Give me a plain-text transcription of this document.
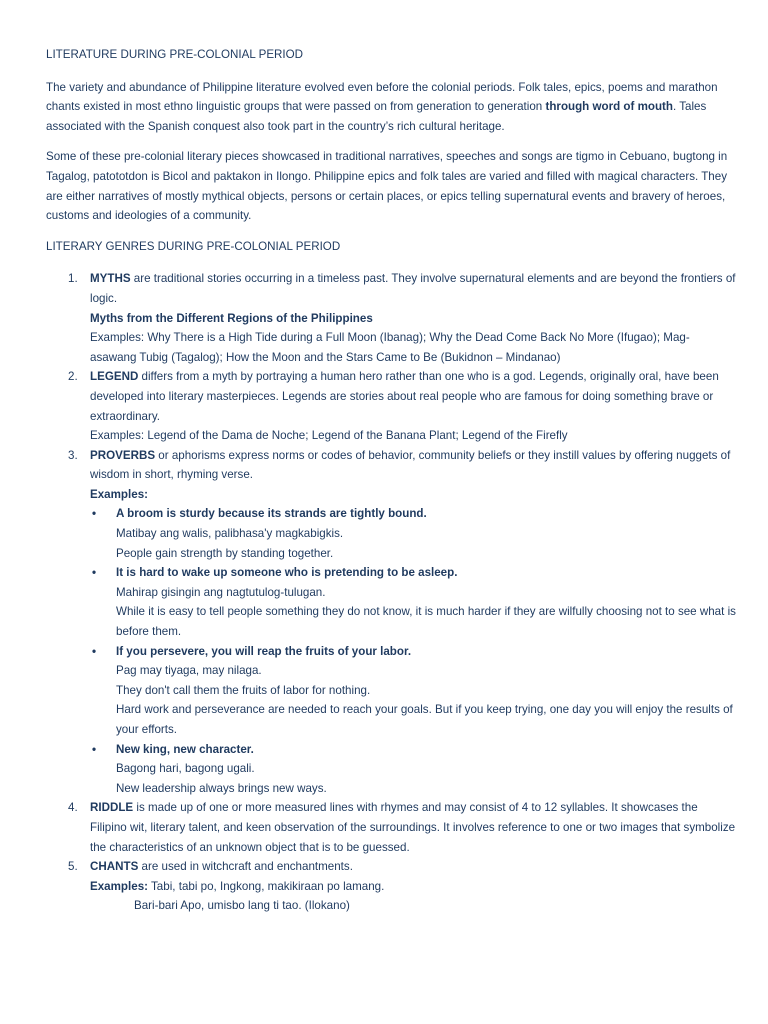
LITERATURE DURING PRE-COLONIAL PERIOD

The variety and abundance of Philippine literature evolved even before the colonial periods. Folk tales, epics, poems and marathon chants existed in most ethno linguistic groups that were passed on from generation to generation through word of mouth. Tales associated with the Spanish conquest also took part in the country’s rich cultural heritage.

Some of these pre-colonial literary pieces showcased in traditional narratives, speeches and songs are tigmo in Cebuano, bugtong in Tagalog, patototdon is Bicol and paktakon in Ilongo. Philippine epics and folk tales are varied and filled with magical characters. They are either narratives of mostly mythical objects, persons or certain places, or epics telling supernatural events and bravery of heroes, customs and ideologies of a community.

LITERARY GENRES DURING PRE-COLONIAL PERIOD
1. MYTHS are traditional stories occurring in a timeless past. They involve supernatural elements and are beyond the frontiers of logic.
Myths from the Different Regions of the Philippines
Examples: Why There is a High Tide during a Full Moon (Ibanag); Why the Dead Come Back No More (Ifugao); Mag-asawang Tubig (Tagalog); How the Moon and the Stars Came to Be (Bukidnon – Mindanao)
2. LEGEND differs from a myth by portraying a human hero rather than one who is a god. Legends, originally oral, have been developed into literary masterpieces. Legends are stories about real people who are famous for doing something brave or extraordinary.
Examples: Legend of the Dama de Noche; Legend of the Banana Plant; Legend of the Firefly
3. PROVERBS or aphorisms express norms or codes of behavior, community beliefs or they instill values by offering nuggets of wisdom in short, rhyming verse.
Examples:
• A broom is sturdy because its strands are tightly bound.
Matibay ang walis, palibhasa'y magkabigkis.
People gain strength by standing together.
• It is hard to wake up someone who is pretending to be asleep.
Mahirap gisingin ang nagtutulog-tulugan.
While it is easy to tell people something they do not know, it is much harder if they are wilfully choosing not to see what is before them.
• If you persevere, you will reap the fruits of your labor.
Pag may tiyaga, may nilaga.
They don't call them the fruits of labor for nothing.
Hard work and perseverance are needed to reach your goals. But if you keep trying, one day you will enjoy the results of your efforts.
• New king, new character.
Bagong hari, bagong ugali.
New leadership always brings new ways.
4. RIDDLE is made up of one or more measured lines with rhymes and may consist of 4 to 12 syllables. It showcases the Filipino wit, literary talent, and keen observation of the surroundings. It involves reference to one or two images that symbolize the characteristics of an unknown object that is to be guessed.
5. CHANTS are used in witchcraft and enchantments.
Examples: Tabi, tabi po, Ingkong, makikiraan po lamang.
Bari-bari Apo, umisbo lang ti tao. (Ilokano)
